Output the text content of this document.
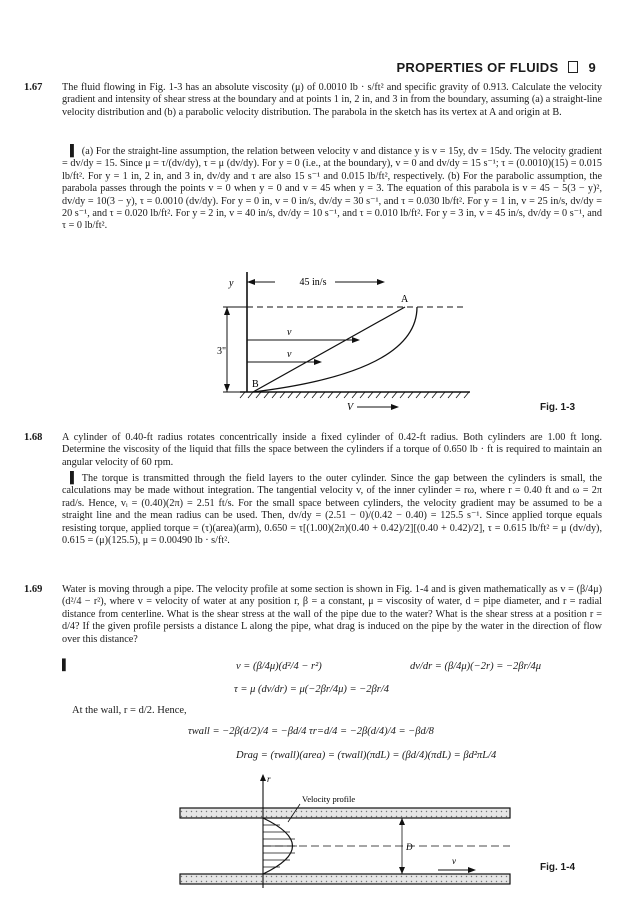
PROPERTIES OF FLUIDS 9
1.67 The fluid flowing in Fig. 1-3 has an absolute viscosity (μ) of 0.0010 lb · s/ft² and specific gravity of 0.913. Calculate the velocity gradient and intensity of shear stress at the boundary and at points 1 in, 2 in, and 3 in from the boundary, assuming (a) a straight-line velocity distribution and (b) a parabolic velocity distribution. The parabola in the sketch has its vertex at A and origin at B.
▌ (a) For the straight-line assumption, the relation between velocity v and distance y is v = 15y, dv = 15dy. The velocity gradient = dv/dy = 15. Since μ = τ/(dv/dy), τ = μ (dv/dy). For y = 0 (i.e., at the boundary), v = 0 and dv/dy = 15 s⁻¹; τ = (0.0010)(15) = 0.015 lb/ft². For y = 1 in, 2 in, and 3 in, dv/dy and τ are also 15 s⁻¹ and 0.015 lb/ft², respectively. (b) For the parabolic assumption, the parabola passes through the points v = 0 when y = 0 and v = 45 when y = 3. The equation of this parabola is v = 45 − 5(3 − y)², dv/dy = 10(3 − y), τ = 0.0010 (dv/dy). For y = 0 in, v = 0 in/s, dv/dy = 30 s⁻¹, and τ = 0.030 lb/ft². For y = 1 in, v = 25 in/s, dv/dy = 20 s⁻¹, and τ = 0.020 lb/ft². For y = 2 in, v = 40 in/s, dv/dy = 10 s⁻¹, and τ = 0.010 lb/ft². For y = 3 in, v = 45 in/s, dv/dy = 0 s⁻¹, and τ = 0 lb/ft².
45 in/s
y
3"
v
v
A
B
V	Fig. 1-3
1.68 A cylinder of 0.40-ft radius rotates concentrically inside a fixed cylinder of 0.42-ft radius. Both cylinders are 1.00 ft long. Determine the viscosity of the liquid that fills the space between the cylinders if a torque of 0.650 lb · ft is required to maintain an angular velocity of 60 rpm.
▌ The torque is transmitted through the field layers to the outer cylinder. Since the gap between the cylinders is small, the calculations may be made without integration. The tangential velocity v, of the inner cylinder = rω, where r = 0.40 ft and ω = 2π rad/s. Hence, vᵢ = (0.40)(2π) = 2.51 ft/s. For the small space between cylinders, the velocity gradient may be assumed to be a straight line and the mean radius can be used. Then, dv/dy = (2.51 − 0)/(0.42 − 0.40) = 125.5 s⁻¹. Since applied torque equals resisting torque, applied torque = (τ)(area)(arm), 0.650 = τ[(1.00)(2π)(0.40 + 0.42)/2][(0.40 + 0.42)/2], τ = 0.615 lb/ft² = μ (dv/dy), 0.615 = (μ)(125.5), μ = 0.00490 lb · s/ft².
1.69 Water is moving through a pipe. The velocity profile at some section is shown in Fig. 1-4 and is given mathematically as v = (β/4μ)(d²/4 − r²), where v = velocity of water at any position r, β = a constant, μ = viscosity of water, d = pipe diameter, and r = radial distance from centerline. What is the shear stress at the wall of the pipe due to the water? What is the shear stress at a position r = d/4? If the given profile persists a distance L along the pipe, what drag is induced on the pipe by the water in the direction of flow over this distance?
▌	v = (β/4μ)(d²/4 − r²)	dv/dr = (β/4μ)(−2r) = −2βr/4μ
τ = μ (dv/dr) = μ(−2βr/4μ) = −2βr/4
At the wall, r = d/2. Hence,
τwall = −2β(d/2)/4 = −βd/4 τr=d/4 = −2β(d/4)/4 = −βd/8
Drag = (τwall)(area) = (τwall)(πdL) = (βd/4)(πdL) = βd²πL/4
r
Velocity profile
D
v
Fig. 1-4
